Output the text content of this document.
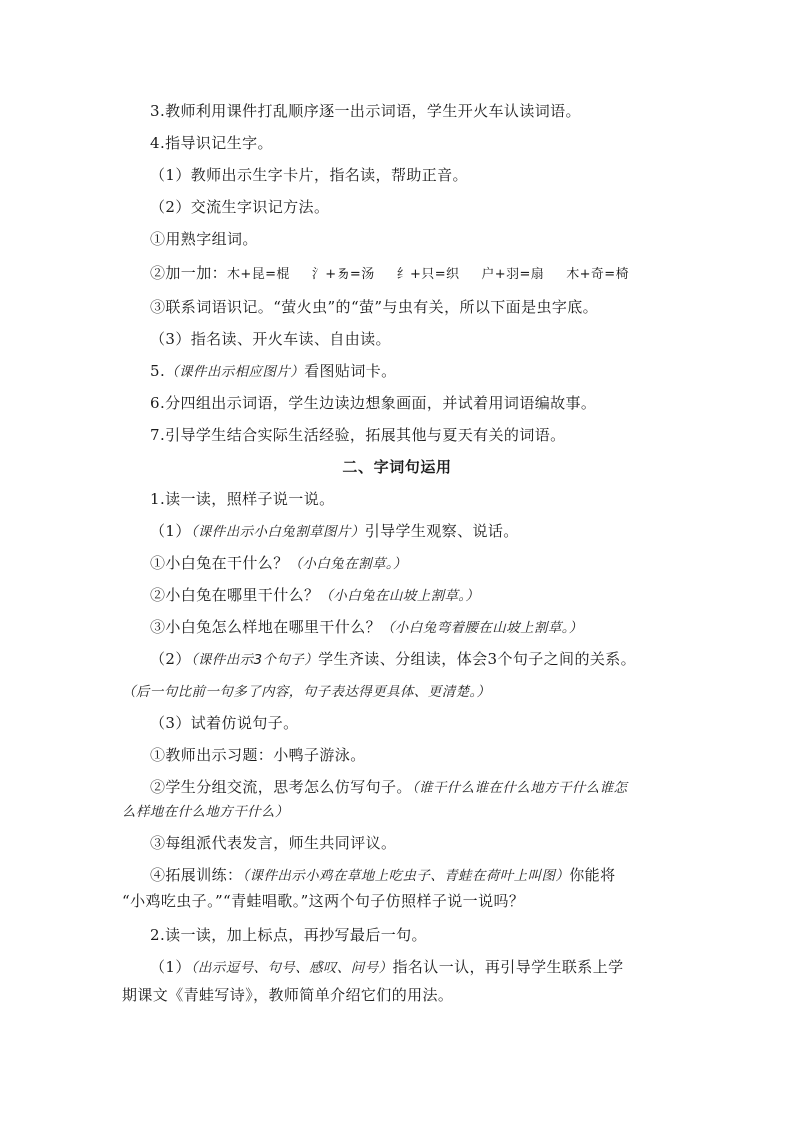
3.教师利用课件打乱顺序逐一出示词语，学生开火车认读词语。
4.指导识记生字。
（1）教师出示生字卡片，指名读，帮助正音。
（2）交流生字识记方法。
①用熟字组词。
②加一加：木+昆=棍 氵+𠃓=汤 纟+只=织 户+羽=扇 木+奇=椅
③联系词语识记。“萤火虫”的“萤”与虫有关，所以下面是虫字底。
（3）指名读、开火车读、自由读。
5.（课件出示相应图片）看图贴词卡。
6.分四组出示词语，学生边读边想象画面，并试着用词语编故事。
7.引导学生结合实际生活经验，拓展其他与夏天有关的词语。
二、字词句运用
1.读一读，照样子说一说。
（1）（课件出示小白兔割草图片）引导学生观察、说话。
①小白兔在干什么？（小白兔在割草。）
②小白兔在哪里干什么？（小白兔在山坡上割草。）
③小白兔怎么样地在哪里干什么？（小白兔弯着腰在山坡上割草。）
（2）（课件出示3个句子）学生齐读、分组读，体会3个句子之间的关系。
（后一句比前一句多了内容，句子表达得更具体、更清楚。）
（3）试着仿说句子。
①教师出示习题：小鸭子游泳。
②学生分组交流，思考怎么仿写句子。（谁干什么谁在什么地方干什么谁怎
么样地在什么地方干什么）
③每组派代表发言，师生共同评议。
④拓展训练：（课件出示小鸡在草地上吃虫子、青蛙在荷叶上叫图）你能将
“小鸡吃虫子。”“青蛙唱歌。”这两个句子仿照样子说一说吗？
2.读一读，加上标点，再抄写最后一句。
（1）（出示逗号、句号、感叹、问号）指名认一认，再引导学生联系上学
期课文《青蛙写诗》，教师简单介绍它们的用法。
